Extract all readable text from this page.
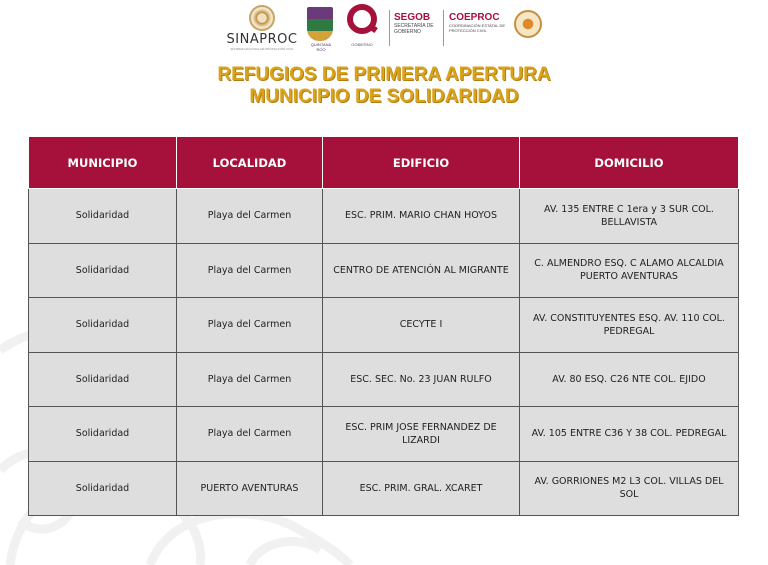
SINAPROC
SISTEMA NACIONAL DE PROTECCIÓN CIVIL
QUINTANA ROO
GOBIERNO
SEGOB
SECRETARÍA DE GOBIERNO
COEPROC
COORDINACIÓN ESTATAL DE PROTECCIÓN CIVIL
REFUGIOS DE PRIMERA APERTURA
MUNICIPIO DE SOLIDARIDAD
MUNICIPIO	LOCALIDAD	EDIFICIO	DOMICILIO
Solidaridad	Playa del Carmen	ESC. PRIM. MARIO CHAN HOYOS	AV. 135 ENTRE C 1era y 3 SUR COL. BELLAVISTA
Solidaridad	Playa del Carmen	CENTRO DE ATENCIÓN AL MIGRANTE	C. ALMENDRO ESQ. C ALAMO ALCALDIA PUERTO AVENTURAS
Solidaridad	Playa del Carmen	CECYTE I	AV. CONSTITUYENTES ESQ. AV. 110 COL. PEDREGAL
Solidaridad	Playa del Carmen	ESC. SEC. No. 23 JUAN RULFO	AV. 80 ESQ. C26 NTE COL. EJIDO
Solidaridad	Playa del Carmen	ESC. PRIM JOSE FERNANDEZ DE LIZARDI	AV. 105 ENTRE C36 Y 38 COL. PEDREGAL
Solidaridad	PUERTO AVENTURAS	ESC. PRIM. GRAL. XCARET	AV. GORRIONES M2 L3 COL. VILLAS DEL SOL
